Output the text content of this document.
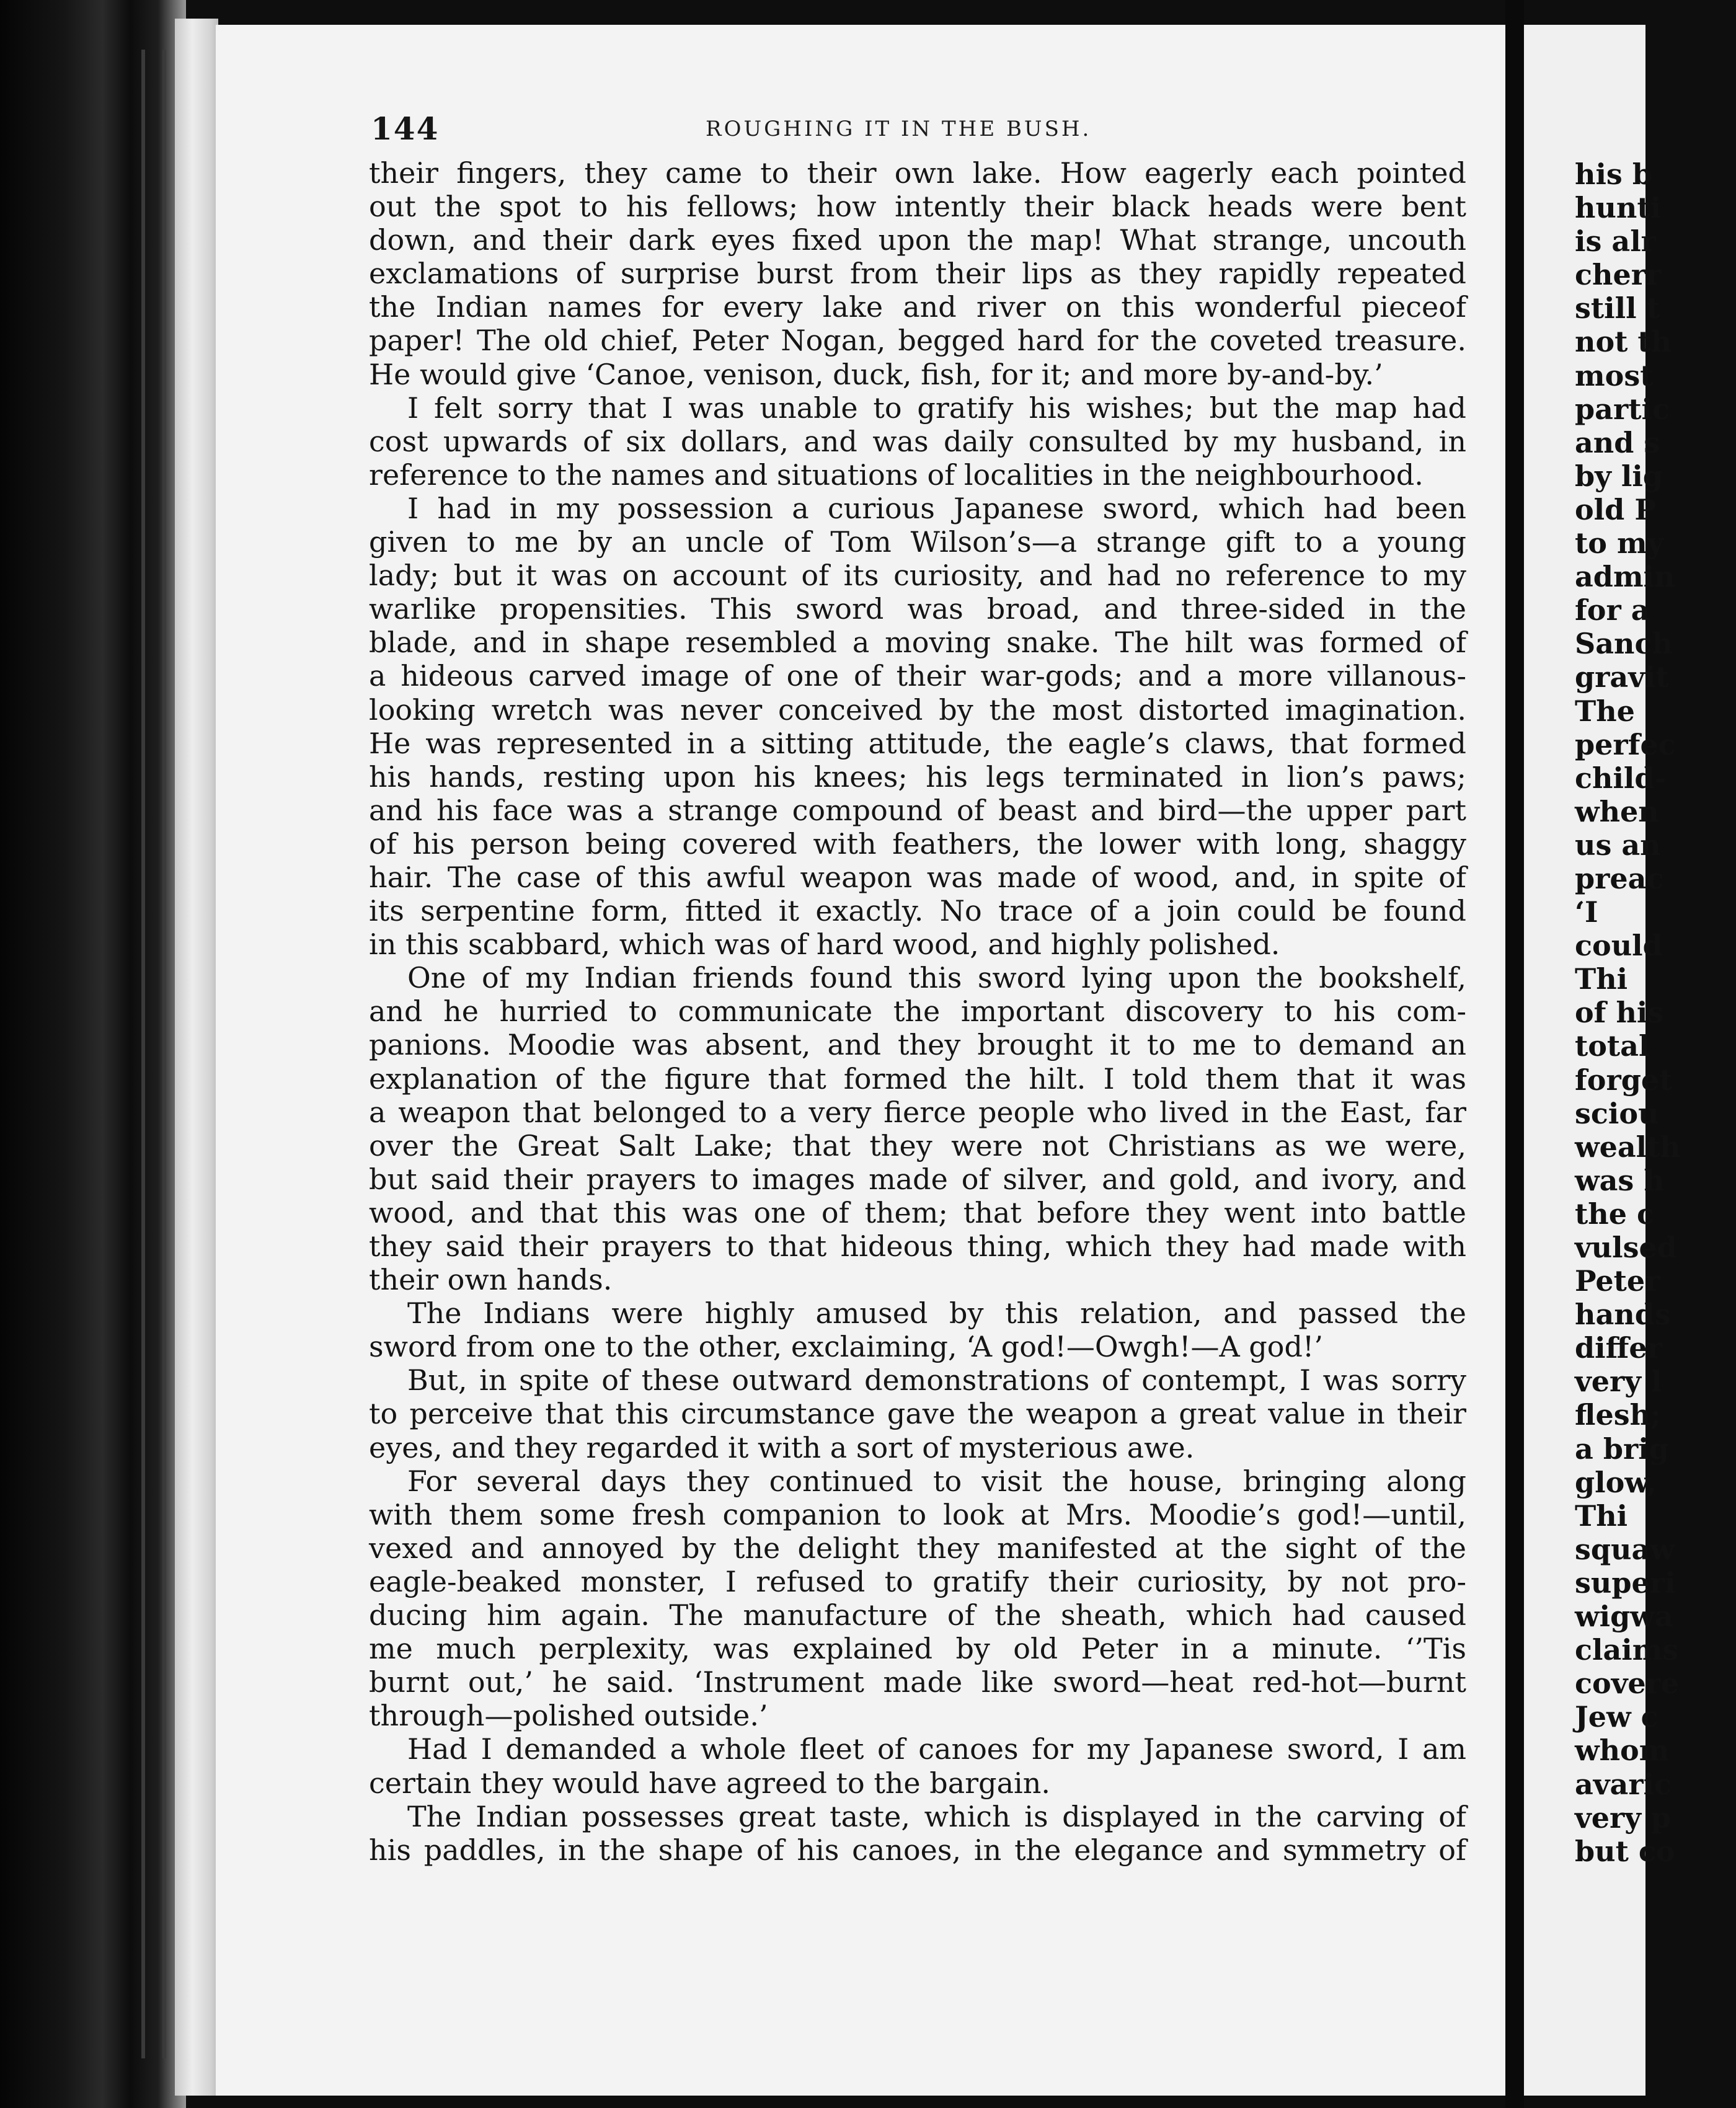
144	ROUGHING IT IN THE BUSH.
their fingers, they came to their own lake. How eagerly each pointed
out the spot to his fellows; how intently their black heads were bent
down, and their dark eyes fixed upon the map! What strange, uncouth
exclamations of surprise burst from their lips as they rapidly repeated
the Indian names for every lake and river on this wonderful pieceof
paper! The old chief, Peter Nogan, begged hard for the coveted treasure.
He would give ‘Canoe, venison, duck, fish, for it; and more by-and-by.’
I felt sorry that I was unable to gratify his wishes; but the map had
cost upwards of six dollars, and was daily consulted by my husband, in
reference to the names and situations of localities in the neighbourhood.
I had in my possession a curious Japanese sword, which had been
given to me by an uncle of Tom Wilson’s—a strange gift to a young
lady; but it was on account of its curiosity, and had no reference to my
warlike propensities. This sword was broad, and three-sided in the
blade, and in shape resembled a moving snake. The hilt was formed of
a hideous carved image of one of their war-gods; and a more villanous-
looking wretch was never conceived by the most distorted imagination.
He was represented in a sitting attitude, the eagle’s claws, that formed
his hands, resting upon his knees; his legs terminated in lion’s paws;
and his face was a strange compound of beast and bird—the upper part
of his person being covered with feathers, the lower with long, shaggy
hair. The case of this awful weapon was made of wood, and, in spite of
its serpentine form, fitted it exactly. No trace of a join could be found
in this scabbard, which was of hard wood, and highly polished.
One of my Indian friends found this sword lying upon the bookshelf,
and he hurried to communicate the important discovery to his com-
panions. Moodie was absent, and they brought it to me to demand an
explanation of the figure that formed the hilt. I told them that it was
a weapon that belonged to a very fierce people who lived in the East, far
over the Great Salt Lake; that they were not Christians as we were,
but said their prayers to images made of silver, and gold, and ivory, and
wood, and that this was one of them; that before they went into battle
they said their prayers to that hideous thing, which they had made with
their own hands.
The Indians were highly amused by this relation, and passed the
sword from one to the other, exclaiming, ‘A god!—Owgh!—A god!’
But, in spite of these outward demonstrations of contempt, I was sorry
to perceive that this circumstance gave the weapon a great value in their
eyes, and they regarded it with a sort of mysterious awe.
For several days they continued to visit the house, bringing along
with them some fresh companion to look at Mrs. Moodie’s god!—until,
vexed and annoyed by the delight they manifested at the sight of the
eagle-beaked monster, I refused to gratify their curiosity, by not pro-
ducing him again. The manufacture of the sheath, which had caused
me much perplexity, was explained by old Peter in a minute. ‘’Tis
burnt out,’ he said. ‘Instrument made like sword—heat red-hot—burnt
through—polished outside.’
Had I demanded a whole fleet of canoes for my Japanese sword, I am
certain they would have agreed to the bargain.
The Indian possesses great taste, which is displayed in the carving of
his paddles, in the shape of his canoes, in the elegance and symmetry of
his b
hunti
is alr
cherr
still t
not th
most
partic
and s
by lig
old P
to my
admin
for a
Sanch
gravit
The
perfec
child-
when
us an
preac
‘I
could
Thi
of his
total
forget
sciou
wealth
was h
the c
vulsed
Peter
hands
differ
very l
flesh;
a brig
glow,
Thi
squaw
superi
wigwa
claims
covere
Jew c
whom
avaric
very p
but co
